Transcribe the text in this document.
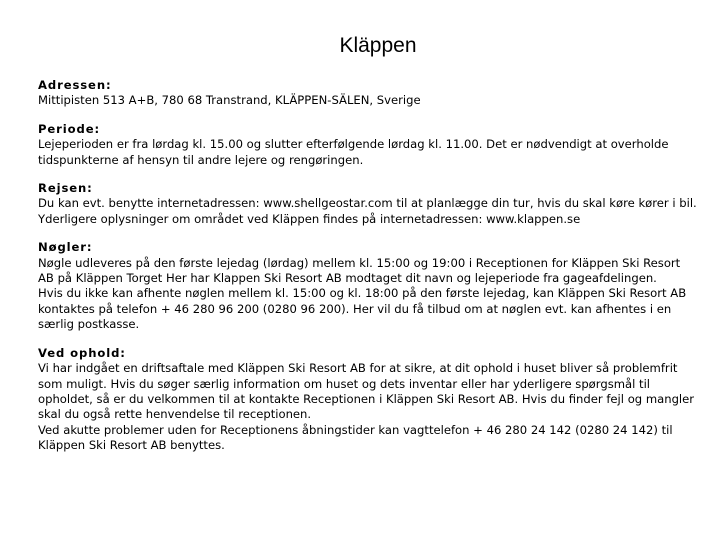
Kläppen
Adressen:
Mittipisten 513 A+B, 780 68 Transtrand, KLÄPPEN-SÄLEN, Sverige
Periode:
Lejeperioden er fra lørdag kl. 15.00 og slutter efterfølgende lørdag kl. 11.00. Det er nødvendigt at overholde tidspunkterne af hensyn til andre lejere og rengøringen.
Rejsen:
Du kan evt. benytte internetadressen: www.shellgeostar.com til at planlægge din tur, hvis du skal køre kører i bil. Yderligere oplysninger om området ved Kläppen findes på internetadressen: www.klappen.se
Nøgler:
Nøgle udleveres på den første lejedag (lørdag) mellem kl. 15:00 og 19:00 i Receptionen for Kläppen Ski Resort AB på Kläppen Torget Her har Klappen Ski Resort AB modtaget dit navn og lejeperiode fra gageafdelingen.
Hvis du ikke kan afhente nøglen mellem kl. 15:00 og kl. 18:00 på den første lejedag, kan Kläppen Ski Resort AB kontaktes på telefon + 46 280 96 200 (0280 96 200). Her vil du få tilbud om at nøglen evt. kan afhentes i en særlig postkasse.
Ved ophold:
Vi har indgået en driftsaftale med Kläppen Ski Resort AB for at sikre, at dit ophold i huset bliver så problemfrit som muligt. Hvis du søger særlig information om huset og dets inventar eller har yderligere spørgsmål til opholdet, så er du velkommen til at kontakte Receptionen i Kläppen Ski Resort AB. Hvis du finder fejl og mangler skal du også rette henvendelse til receptionen.
Ved akutte problemer uden for Receptionens åbningstider kan vagttelefon + 46 280 24 142 (0280 24 142) til Kläppen Ski Resort AB benyttes.
